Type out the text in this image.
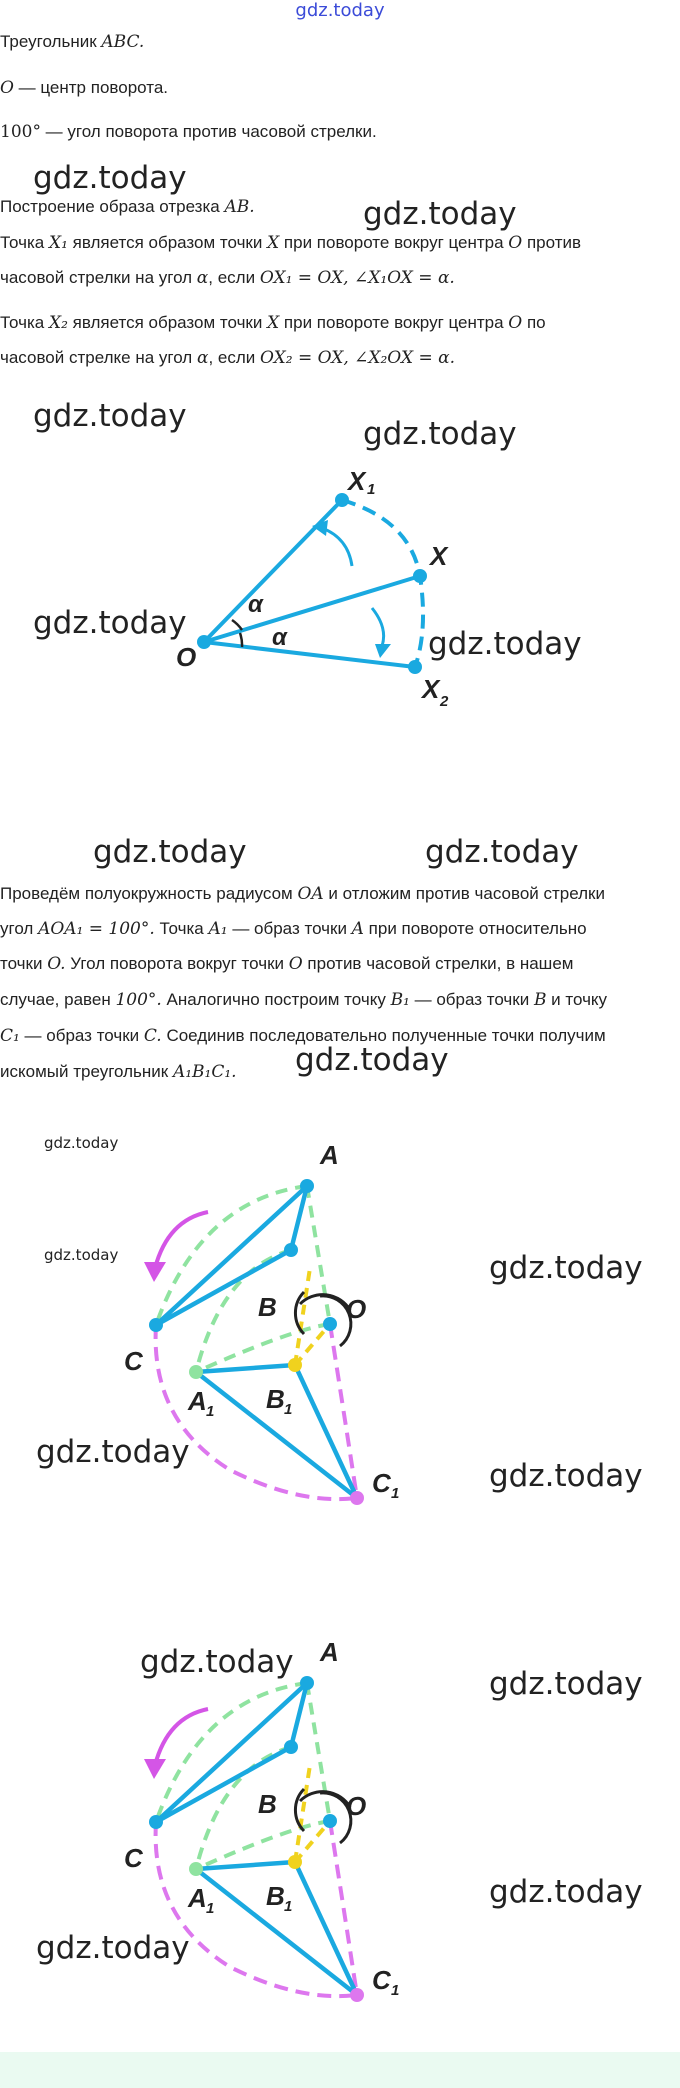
gdz.today
Треугольник ABC.
O — центр поворота.
100° — угол поворота против часовой стрелки.
gdz.today
Построение образа отрезка AB.	gdz.today
Точка X₁ является образом точки X при повороте вокруг центра O против
часовой стрелки на угол α, если OX₁ = OX, ∠X₁OX = α.
Точка X₂ является образом точки X при повороте вокруг центра O по
часовой стрелке на угол α, если OX₂ = OX, ∠X₂OX = α.
gdz.today	gdz.today
O
X 1
X
X 2
α
α
gdz.today
gdz.today
gdz.today	gdz.today
Проведём полуокружность радиусом OA и отложим против часовой стрелки
угол AOA₁ = 100°. Точка A₁ — образ точки A при повороте относительно
точки O. Угол поворота вокруг точки O против часовой стрелки, в нашем
случае, равен 100°. Аналогично построим точку B₁ — образ точки B и точку
C₁ — образ точки C. Соединив последовательно полученные точки получим
искомый треугольник A₁B₁C₁. gdz.today
A
B
C
O
A 1 B 1
C 1
gdz.today
gdz.today	gdz.today
gdz.today
gdz.today
A
B
C
O
A 1 B 1
C 1
gdz.today
gdz.today
gdz.today
gdz.today
